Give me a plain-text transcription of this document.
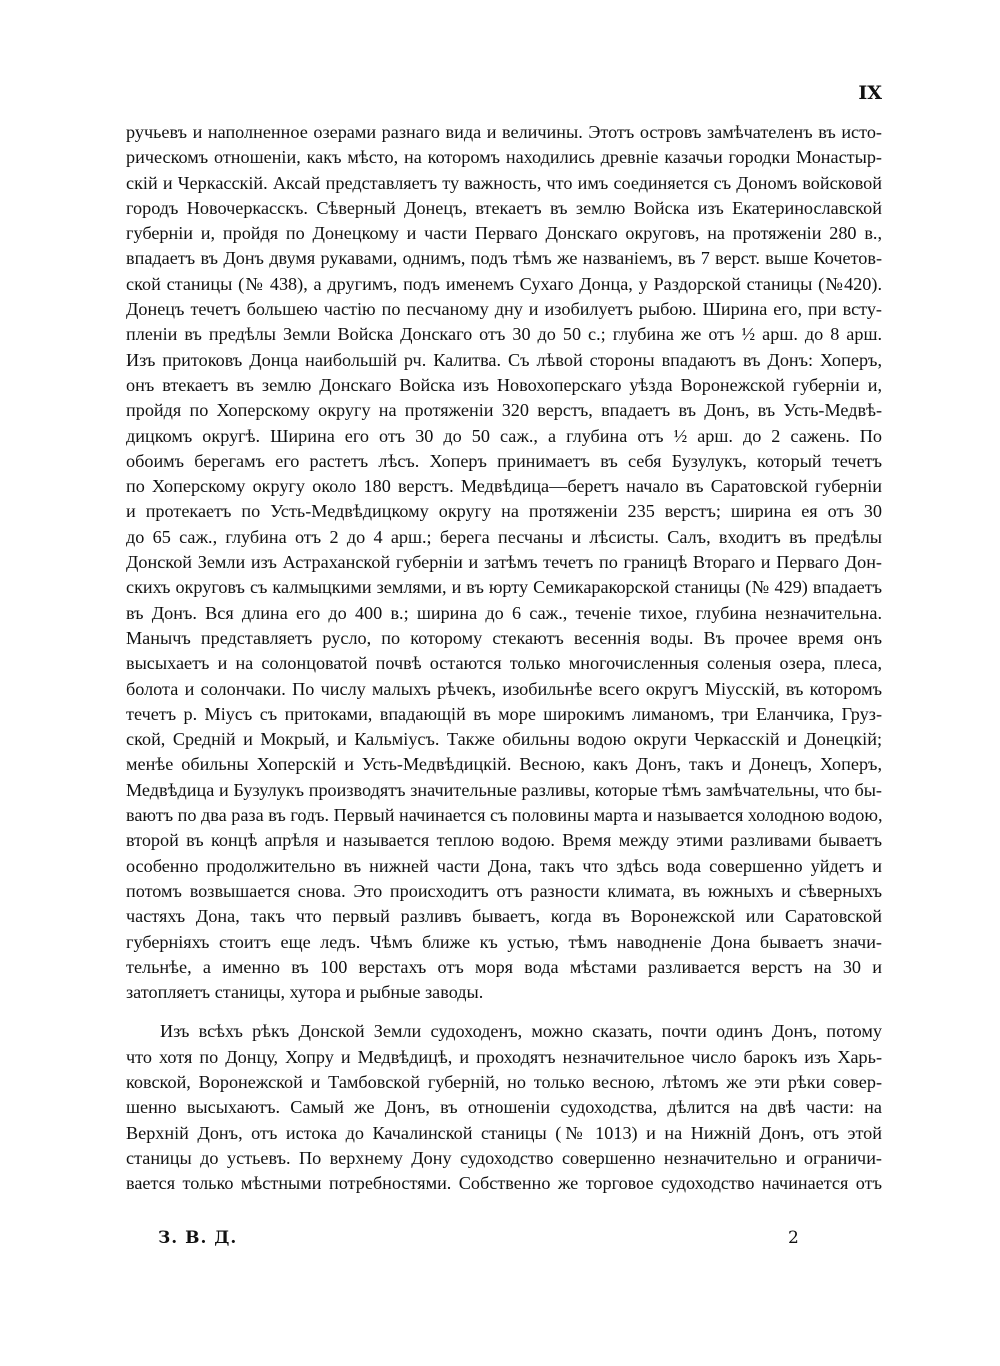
IX
ручьевъ и наполненное озерами разнаго вида и величины. Этотъ островъ замѣчателенъ въ исто-
рическомъ отношеніи, какъ мѣсто, на которомъ находились древніе казачьи городки Монастыр-
скій и Черкасскій. Аксай представляетъ ту важность, что имъ соединяется съ Дономъ войсковой
городъ Новочеркасскъ. Сѣверный Донецъ, втекаетъ въ землю Войска изъ Екатеринославской
губерніи и, пройдя по Донецкому и части Перваго Донскаго округовъ, на протяженіи 280 в.,
впадаетъ въ Донъ двумя рукавами, однимъ, подъ тѣмъ же названіемъ, въ 7 верст. выше Кочетов-
ской станицы (№ 438), а другимъ, подъ именемъ Сухаго Донца, у Раздорской станицы (№420).
Донецъ течетъ большею частію по песчаному дну и изобилуетъ рыбою. Ширина его, при всту-
пленіи въ предѣлы Земли Войска Донскаго отъ 30 до 50 с.; глубина же отъ ½ арш. до 8 арш.
Изъ притоковъ Донца наибольшій рч. Калитва. Съ лѣвой стороны впадаютъ въ Донъ: Хоперъ,
онъ втекаетъ въ землю Донскаго Войска изъ Новохоперскаго уѣзда Воронежской губерніи и,
пройдя по Хоперскому округу на протяженіи 320 верстъ, впадаетъ въ Донъ, въ Усть-Медвѣ-
дицкомъ округѣ. Ширина его отъ 30 до 50 саж., а глубина отъ ½ арш. до 2 сажень. По
обоимъ берегамъ его растетъ лѣсъ. Хоперъ принимаетъ въ себя Бузулукъ, который течетъ
по Хоперскому округу около 180 верстъ. Медвѣдица—беретъ начало въ Саратовской губерніи
и протекаетъ по Усть-Медвѣдицкому округу на протяженіи 235 верстъ; ширина ея отъ 30
до 65 саж., глубина отъ 2 до 4 арш.; берега песчаны и лѣсисты. Салъ, входитъ въ предѣлы
Донской Земли изъ Астраханской губерніи и затѣмъ течетъ по границѣ Втораго и Перваго Дон-
скихъ округовъ съ калмыцкими землями, и въ юрту Семикаракорской станицы (№ 429) впадаетъ
въ Донъ. Вся длина его до 400 в.; ширина до 6 саж., теченіе тихое, глубина незначительна.
Манычъ представляетъ русло, по которому стекаютъ весеннія воды. Въ прочее время онъ
высыхаетъ и на солонцоватой почвѣ остаются только многочисленныя соленыя озера, плеса,
болота и солончаки. По числу малыхъ рѣчекъ, изобильнѣе всего округъ Міусскій, въ которомъ
течетъ р. Міусъ съ притоками, впадающій въ море широкимъ лиманомъ, три Еланчика, Груз-
ской, Средній и Мокрый, и Кальміусъ. Также обильны водою округи Черкасскій и Донецкій;
менѣе обильны Хоперскій и Усть-Медвѣдицкій. Весною, какъ Донъ, такъ и Донецъ, Хоперъ,
Медвѣдица и Бузулукъ производятъ значительные разливы, которые тѣмъ замѣчательны, что бы-
ваютъ по два раза въ годъ. Первый начинается съ половины марта и называется холодною водою,
второй въ концѣ апрѣля и называется теплою водою. Время между этими разливами бываетъ
особенно продолжительно въ нижней части Дона, такъ что здѣсь вода совершенно уйдетъ и
потомъ возвышается снова. Это происходитъ отъ разности климата, въ южныхъ и сѣверныхъ
частяхъ Дона, такъ что первый разливъ бываетъ, когда въ Воронежской или Саратовской
губерніяхъ стоитъ еще ледъ. Чѣмъ ближе къ устью, тѣмъ наводненіе Дона бываетъ значи-
тельнѣе, а именно въ 100 верстахъ отъ моря вода мѣстами разливается верстъ на 30 и
затопляетъ станицы, хутора и рыбные заводы.
Изъ всѣхъ рѣкъ Донской Земли судоходенъ, можно сказать, почти одинъ Донъ, потому
что хотя по Донцу, Хопру и Медвѣдицѣ, и проходятъ незначительное число барокъ изъ Харь-
ковской, Воронежской и Тамбовской губерній, но только весною, лѣтомъ же эти рѣки совер-
шенно высыхаютъ. Самый же Донъ, въ отношеніи судоходства, дѣлится на двѣ части: на
Верхній Донъ, отъ истока до Качалинской станицы (№ 1013) и на Нижній Донъ, отъ этой
станицы до устьевъ. По верхнему Дону судоходство совершенно незначительно и ограничи-
вается только мѣстными потребностями. Собственно же торговое судоходство начинается отъ
З. В. Д.	2
